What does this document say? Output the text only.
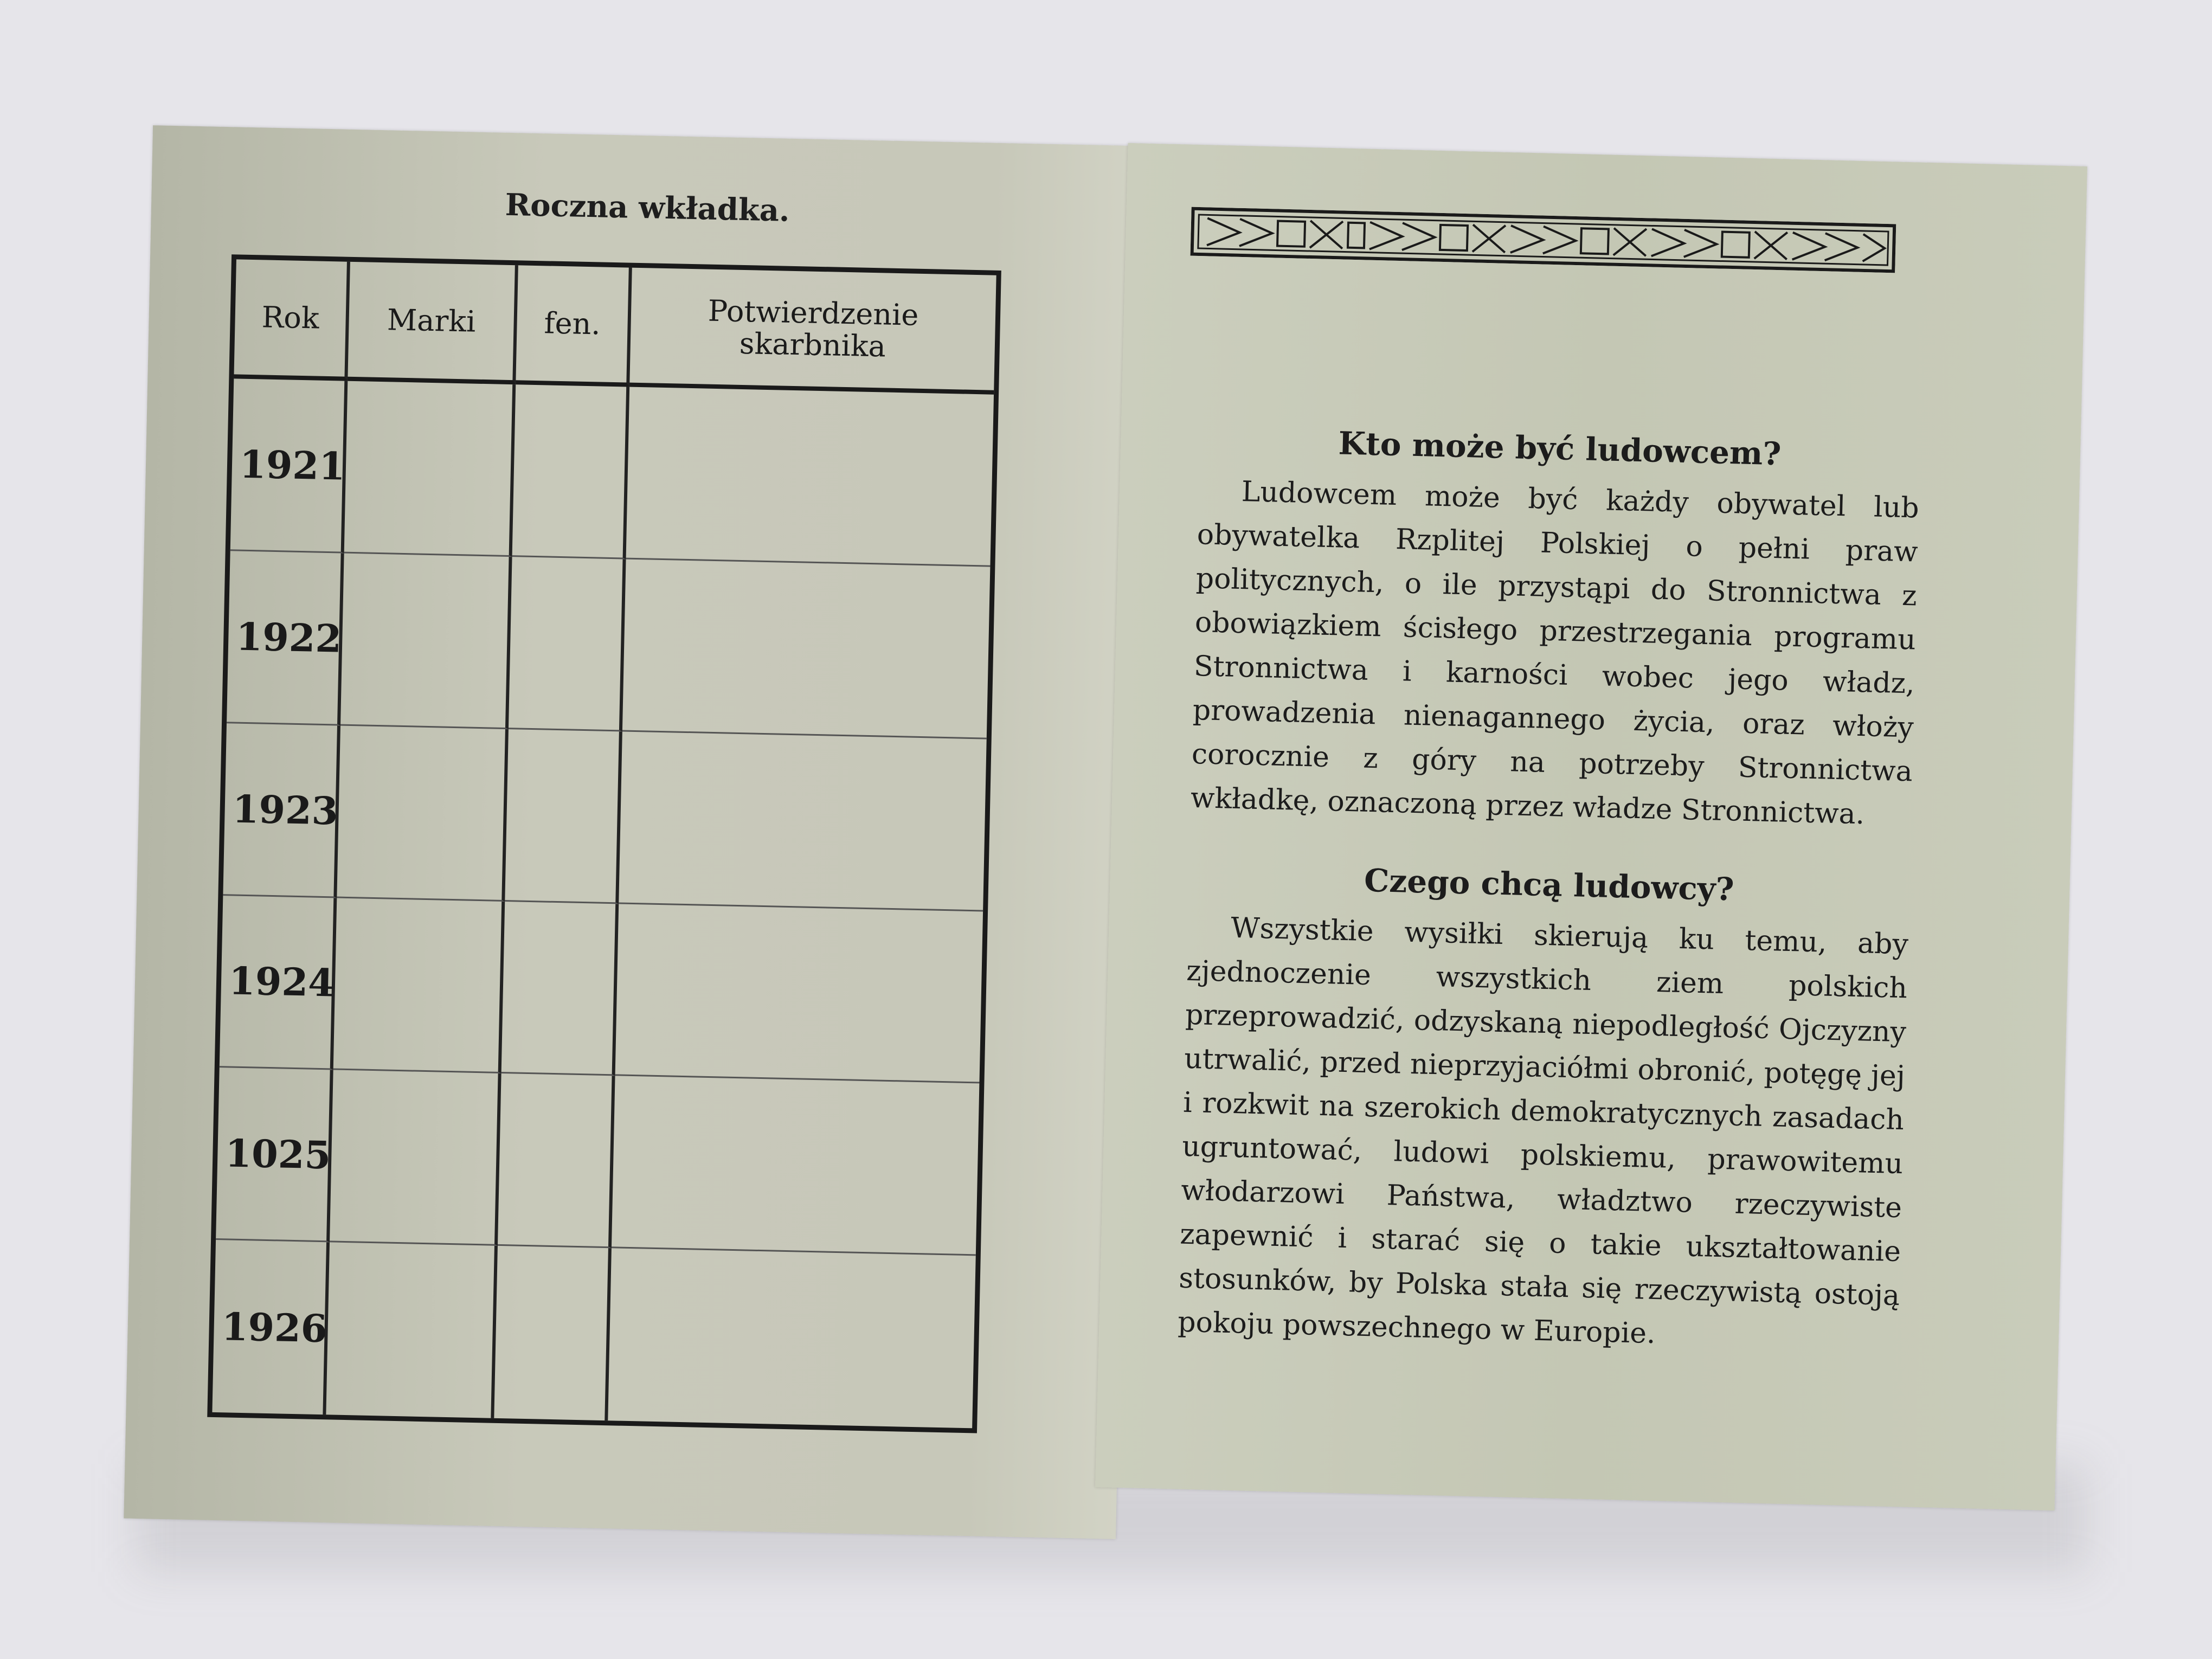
Roczna wkładka.
Rok	Marki	fen.	Potwierdzenie skarbnika
1921
1922
1923
1924
1025
1926
Kto może być ludowcem?

Ludowcem może być każdy obywatel lub obywatelka Rzplitej Polskiej o pełni praw politycznych, o ile przystąpi do Stronnictwa z obowiązkiem ścisłego przestrzegania programu Stronnictwa i karności wobec jego władz, prowadzenia nienagannego życia, oraz włoży corocznie z góry na potrzeby Stronnictwa wkładkę, oznaczoną przez władze Stronnictwa.

Czego chcą ludowcy?

Wszystkie wysiłki skierują ku temu, aby zjednoczenie wszystkich ziem polskich przeprowadzić, odzyskaną niepodległość Ojczyzny utrwalić, przed nieprzyjaciółmi obronić, potęgę jej i rozkwit na szerokich demokratycznych zasadach ugruntować, ludowi polskiemu, prawowitemu włodarzowi Państwa, władztwo rzeczywiste zapewnić i starać się o takie ukształtowanie stosunków, by Polska stała się rzeczywistą ostoją pokoju powszechnego w Europie.
